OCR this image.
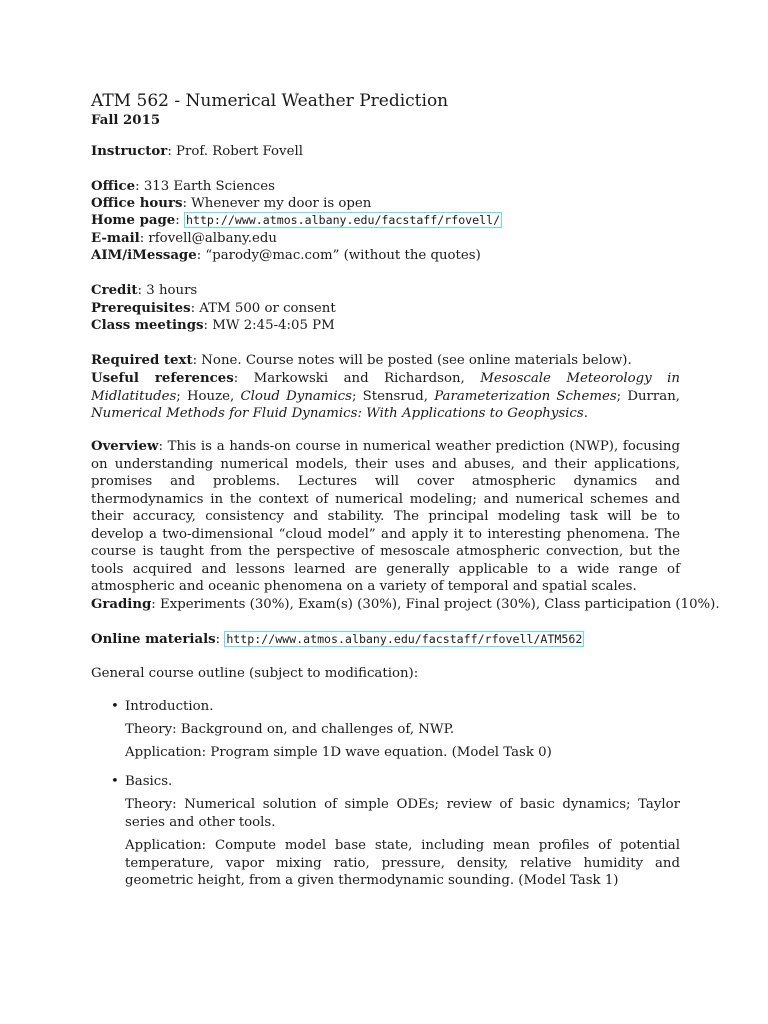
ATM 562 - Numerical Weather Prediction
Fall 2015
Instructor: Prof. Robert Fovell
Office: 313 Earth Sciences
Office hours: Whenever my door is open
Home page: http://www.atmos.albany.edu/facstaff/rfovell/
E-mail: rfovell@albany.edu
AIM/iMessage: “parody@mac.com” (without the quotes)
Credit: 3 hours
Prerequisites: ATM 500 or consent
Class meetings: MW 2:45-4:05 PM
Required text: None. Course notes will be posted (see online materials below).
Useful references: Markowski and Richardson, Mesoscale Meteorology in Midlatitudes; Houze, Cloud Dynamics; Stensrud, Parameterization Schemes; Durran, Numerical Methods for Fluid Dynamics: With Applications to Geophysics.
Overview: This is a hands-on course in numerical weather prediction (NWP), focusing on understanding numerical models, their uses and abuses, and their applications, promises and problems. Lectures will cover atmospheric dynamics and thermodynamics in the context of numerical modeling; and numerical schemes and their accuracy, consistency and stability. The principal modeling task will be to develop a two-dimensional “cloud model” and apply it to interesting phenomena. The course is taught from the perspective of mesoscale atmospheric convection, but the tools acquired and lessons learned are generally applicable to a wide range of atmospheric and oceanic phenomena on a variety of temporal and spatial scales.
Grading: Experiments (30%), Exam(s) (30%), Final project (30%), Class participation (10%).
Online materials: http://www.atmos.albany.edu/facstaff/rfovell/ATM562
General course outline (subject to modification):
• Introduction.
Theory: Background on, and challenges of, NWP.
Application: Program simple 1D wave equation. (Model Task 0)
• Basics.
Theory: Numerical solution of simple ODEs; review of basic dynamics; Taylor series and other tools.
Application: Compute model base state, including mean profiles of potential temperature, vapor mixing ratio, pressure, density, relative humidity and geometric height, from a given thermodynamic sounding. (Model Task 1)
